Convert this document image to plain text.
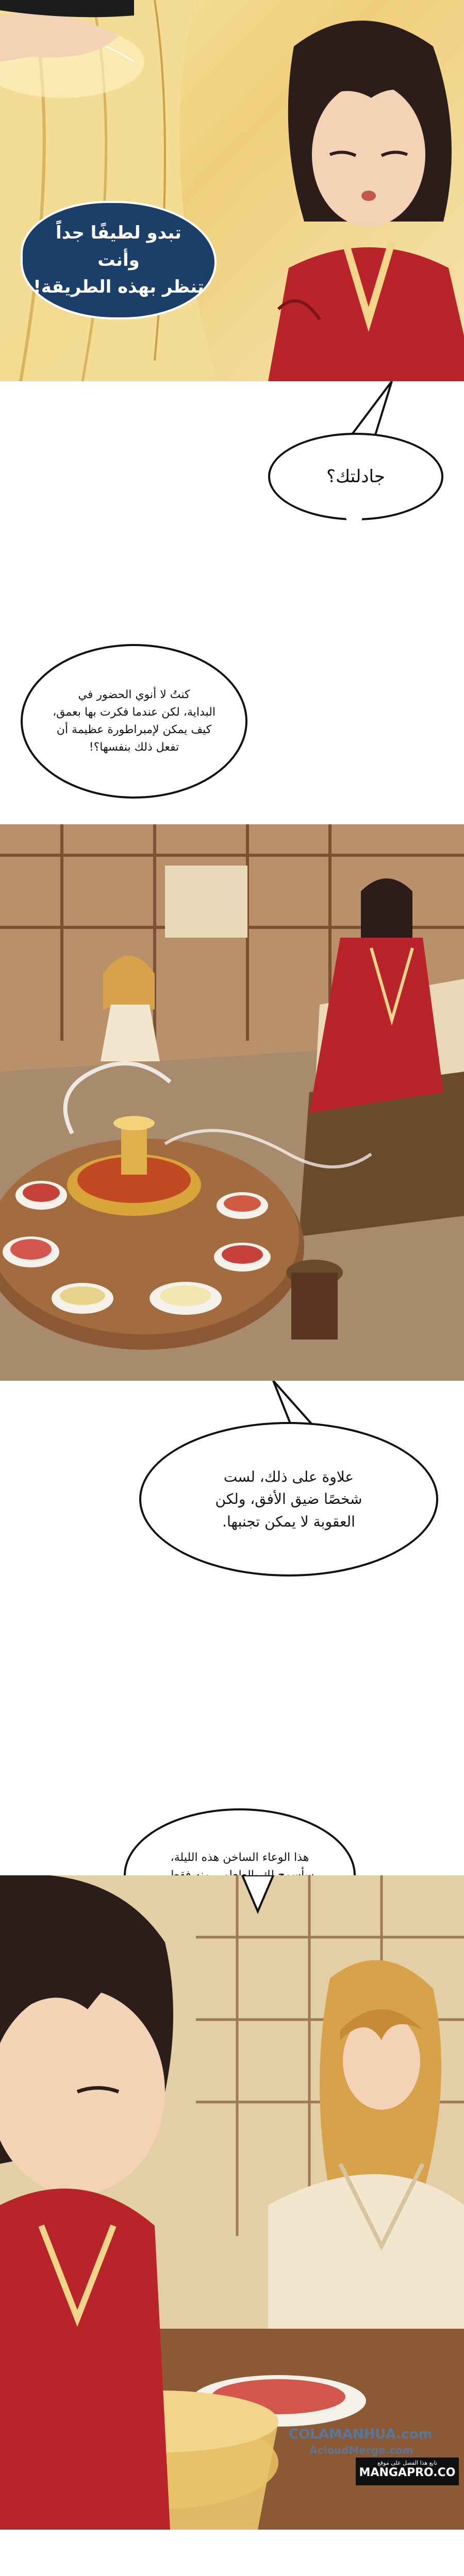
تبدو لطيفًا جداً وأنت
تنظر بهذه الطريقة!
جادلتك؟
كنتُ لا أنوي الحضور في
البداية، لكن عندما فكرت بها بعمق،
كيف يمكن لإمبراطورة عظيمة أن
تفعل ذلك بنفسها؟!
علاوة على ذلك، لست
شخصًا ضيق الأفق، ولكن
العقوبة لا يمكن تجنبها.
هذا الوعاء الساخن هذه الليلة،

COLAMANHUA.com
AcloudMerge.com
تابع هذا الفصل على موقع
MANGAPRO.CO
